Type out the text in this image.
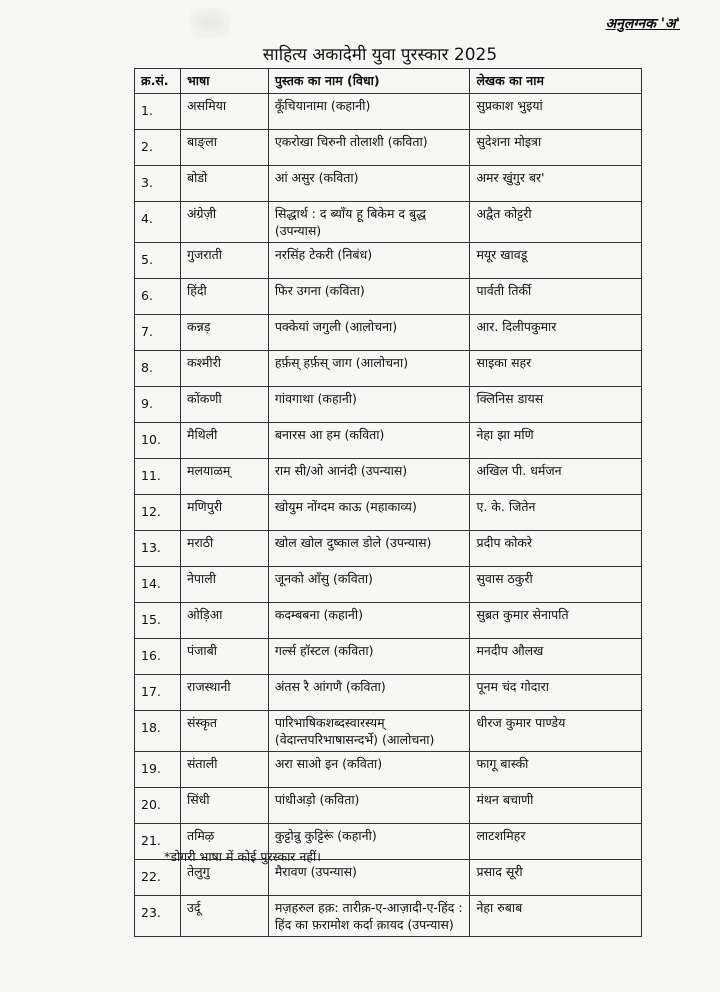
अनुलग्नक 'अ'
साहित्य अकादेमी युवा पुरस्कार 2025
क्र.सं.	भाषा	पुस्तक का नाम (विधा)	लेखक का नाम
1.	असमिया	कूँचियानामा (कहानी)	सुप्रकाश भुइयां
2.	बाङ्ला	एकरोखा चिरुनी तोलाशी (कविता)	सुदेशना मोइत्रा
3.	बोडो	आं असुर (कविता)	अमर खुंगुर बर'
4.	अंग्रेज़ी	सिद्धार्थ : द ब्याँय हू बिकेम द बुद्ध (उपन्यास)	अद्वैत कोट्टरी
5.	गुजराती	नरसिंह टेकरी (निबंध)	मयूर खावडू
6.	हिंदी	फिर उगना (कविता)	पार्वती तिर्की
7.	कन्नड़	पक्केयां जगुली (आलोचना)	आर. दिलीपकुमार
8.	कश्मीरी	हर्फ़स् हर्फ़स् जाग (आलोचना)	साइका सहर
9.	कोंकणी	गांवगाथा (कहानी)	क्लिनिस डायस
10.	मैथिली	बनारस आ हम (कविता)	नेहा झा मणि
11.	मलयाळम्	राम सी/ओ आनंदी (उपन्यास)	अखिल पी. धर्मजन
12.	मणिपुरी	खोयुम नोंग्दम काऊ (महाकाव्य)	ए. के. जितेन
13.	मराठी	खोल खोल दुष्काल डोले (उपन्यास)	प्रदीप कोकरे
14.	नेपाली	जूनको आँसु (कविता)	सुवास ठकुरी
15.	ओड़िआ	कदम्बबना (कहानी)	सुब्रत कुमार सेनापति
16.	पंजाबी	गर्ल्स हॉस्टल (कविता)	मनदीप औलख
17.	राजस्थानी	अंतस रै आंगणै (कविता)	पूनम चंद गोदारा
18.	संस्कृत	पारिभाषिकशब्दस्वारस्यम् (वेदान्तपरिभाषासन्दर्भे) (आलोचना)	धीरज कुमार पाण्डेय
19.	संताली	अरा साओ इन (कविता)	फागू बास्की
20.	सिंधी	पांधीअड़ो (कविता)	मंथन बचाणी
21.	तमिऴ	कुट्टोन्रु कुट्टिरूं (कहानी)	लाटशमिहर
22.	तेलुगु	मैरावण (उपन्यास)	प्रसाद सूरी
23.	उर्दू	मज़हरुल हक़: तारीक़-ए-आज़ादी-ए-हिंद : हिंद का फ़रामोश कर्दा क़ायद (उपन्यास)	नेहा रुबाब
*डोगरी भाषा में कोई पुरस्कार नहीं।
